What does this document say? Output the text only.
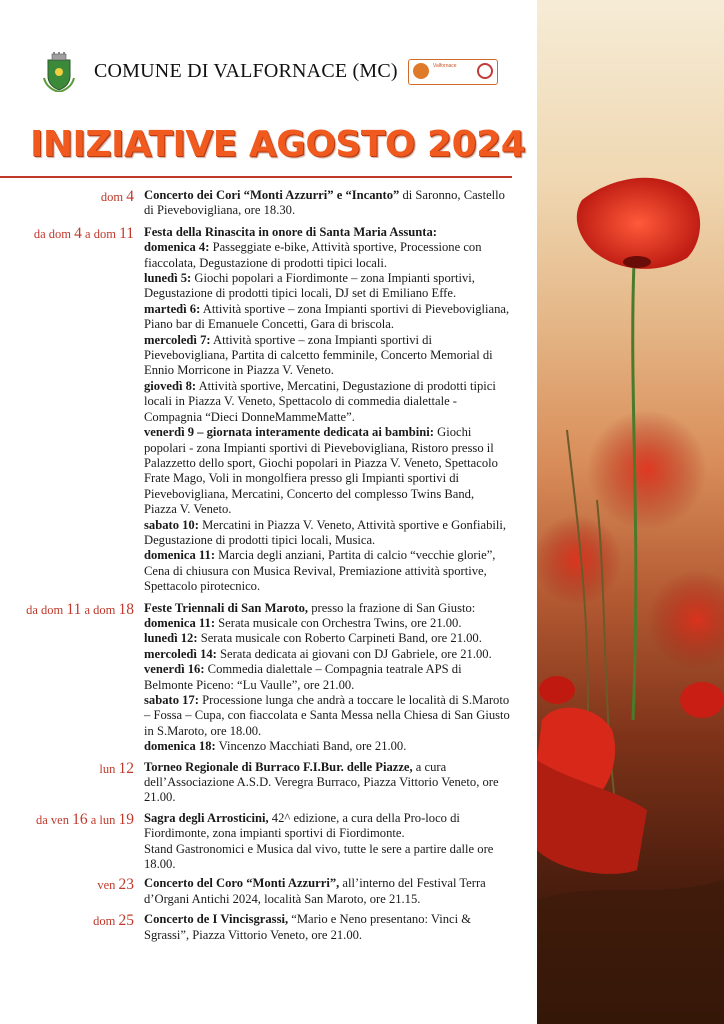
COMUNE DI VALFORNACE (MC)	Valfornace
INIZIATIVE AGOSTO 2024
dom 4 Concerto dei Cori “Monti Azzurri” e “Incanto” di Saronno, Castello di Pievebovigliana, ore 18.30.
da dom 4 a dom 11 Festa della Rinascita in onore di Santa Maria Assunta:
domenica 4: Passeggiate e-bike, Attività sportive, Processione con fiaccolata, Degustazione di prodotti tipici locali.
lunedì 5: Giochi popolari a Fiordimonte – zona Impianti sportivi, Degustazione di prodotti tipici locali, DJ set di Emiliano Effe.
martedì 6: Attività sportive – zona Impianti sportivi di Pievebovigliana, Piano bar di Emanuele Concetti, Gara di briscola.
mercoledì 7: Attività sportive – zona Impianti sportivi di Pievebovigliana, Partita di calcetto femminile, Concerto Memorial di Ennio Morricone in Piazza V. Veneto.
giovedì 8: Attività sportive, Mercatini, Degustazione di prodotti tipici locali in Piazza V. Veneto, Spettacolo di commedia dialettale - Compagnia “Dieci DonneMammeMatte”.
venerdì 9 – giornata interamente dedicata ai bambini: Giochi popolari - zona Impianti sportivi di Pievebovigliana, Ristoro presso il Palazzetto dello sport, Giochi popolari in Piazza V. Veneto, Spettacolo Frate Mago, Voli in mongolfiera presso gli Impianti sportivi di Pievebovigliana, Mercatini, Concerto del complesso Twins Band, Piazza V. Veneto.
sabato 10: Mercatini in Piazza V. Veneto, Attività sportive e Gonfiabili, Degustazione di prodotti tipici locali, Musica.
domenica 11: Marcia degli anziani, Partita di calcio “vecchie glorie”, Cena di chiusura con Musica Revival, Premiazione attività sportive, Spettacolo pirotecnico.
da dom 11 a dom 18 Feste Triennali di San Maroto, presso la frazione di San Giusto:
domenica 11: Serata musicale con Orchestra Twins, ore 21.00.
lunedì 12: Serata musicale con Roberto Carpineti Band, ore 21.00.
mercoledì 14: Serata dedicata ai giovani con DJ Gabriele, ore 21.00.
venerdì 16: Commedia dialettale – Compagnia teatrale APS di Belmonte Piceno: “Lu Vaulle”, ore 21.00.
sabato 17: Processione lunga che andrà a toccare le località di S.Maroto – Fossa – Cupa, con fiaccolata e Santa Messa nella Chiesa di San Giusto in S.Maroto, ore 18.00.
domenica 18: Vincenzo Macchiati Band, ore 21.00.
lun 12 Torneo Regionale di Burraco F.I.Bur. delle Piazze, a cura dell’Associazione A.S.D. Veregra Burraco, Piazza Vittorio Veneto, ore 21.00.
da ven 16 a lun 19 Sagra degli Arrosticini, 42^ edizione, a cura della Pro-loco di Fiordimonte, zona impianti sportivi di Fiordimonte.
Stand Gastronomici e Musica dal vivo, tutte le sere a partire dalle ore 18.00.
ven 23 Concerto del Coro “Monti Azzurri”, all’interno del Festival Terra d’Organi Antichi 2024, località San Maroto, ore 21.15.
dom 25 Concerto de I Vincisgrassi, “Mario e Neno presentano: Vinci & Sgrassi”, Piazza Vittorio Veneto, ore 21.00.
